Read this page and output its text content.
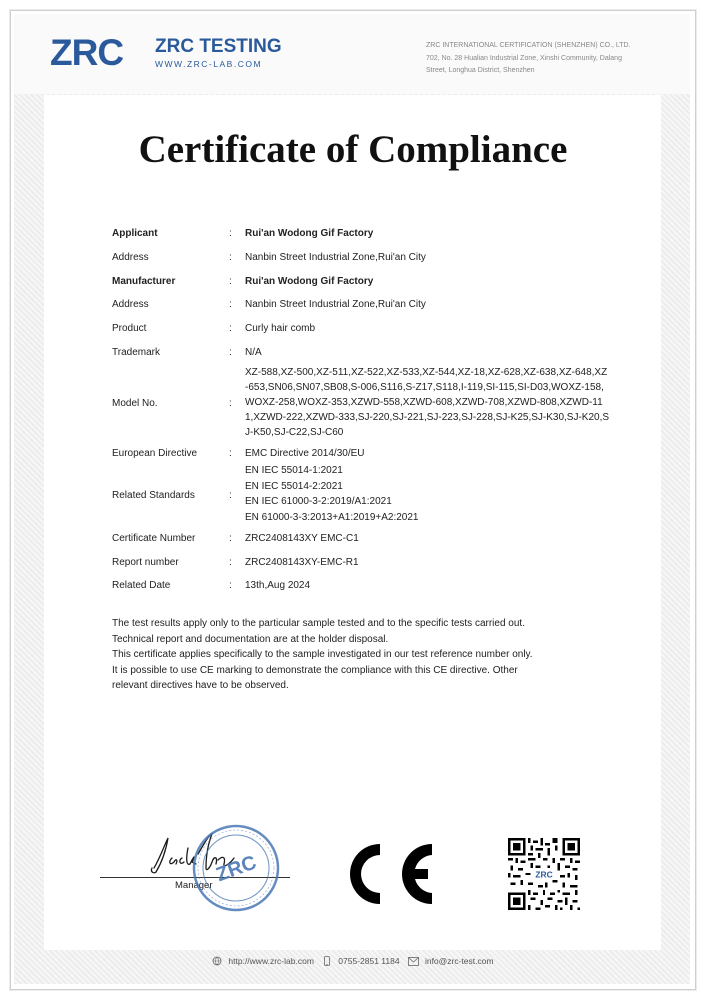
ZRC ZRC TESTING
WWW.ZRC-LAB.COM
ZRC INTERNATIONAL CERTIFICATION (SHENZHEN) CO., LTD.
702, No. 28 Hualian Industrial Zone, Xinshi Community, Dalang
Street, Longhua District, Shenzhen
Certificate of Compliance
Applicant	: Rui'an Wodong Gif Factory
Address	: Nanbin Street Industrial Zone,Rui'an City
Manufacturer	: Rui'an Wodong Gif Factory
Address	: Nanbin Street Industrial Zone,Rui'an City
Product	: Curly hair comb
Trademark	: N/A
Model No.	:
XZ-588,XZ-500,XZ-511,XZ-522,XZ-533,XZ-544,XZ-18,XZ-628,XZ-638,XZ-648,XZ-653,SN06,SN07,SB08,S-006,S116,S-Z17,S118,I-119,SI-115,SI-D03,WOXZ-158,WOXZ-258,WOXZ-353,XZWD-558,XZWD-608,XZWD-708,XZWD-808,XZWD-111,XZWD-222,XZWD-333,SJ-220,SJ-221,SJ-223,SJ-228,SJ-K25,SJ-K30,SJ-K20,SJ-K50,SJ-C22,SJ-C60
European Directive	: EMC Directive 2014/30/EU
Related Standards	:
EN IEC 55014-1:2021
EN IEC 55014-2:2021
EN IEC 61000-3-2:2019/A1:2021
EN 61000-3-3:2013+A1:2019+A2:2021
Certificate Number	: ZRC2408143XY EMC-C1
Report number	: ZRC2408143XY-EMC-R1
Related Date	: 13th,Aug 2024
The test results apply only to the particular sample tested and to the specific tests carried out.
Technical report and documentation are at the holder disposal.
This certificate applies specifically to the sample investigated in our test reference number only.
It is possible to use CE marking to demonstrate the compliance with this CE directive. Other
relevant directives have to be observed.
Manager ZRC	ZRC
http://www.zrc-lab.com	0755-2851 1184	info@zrc-test.com
